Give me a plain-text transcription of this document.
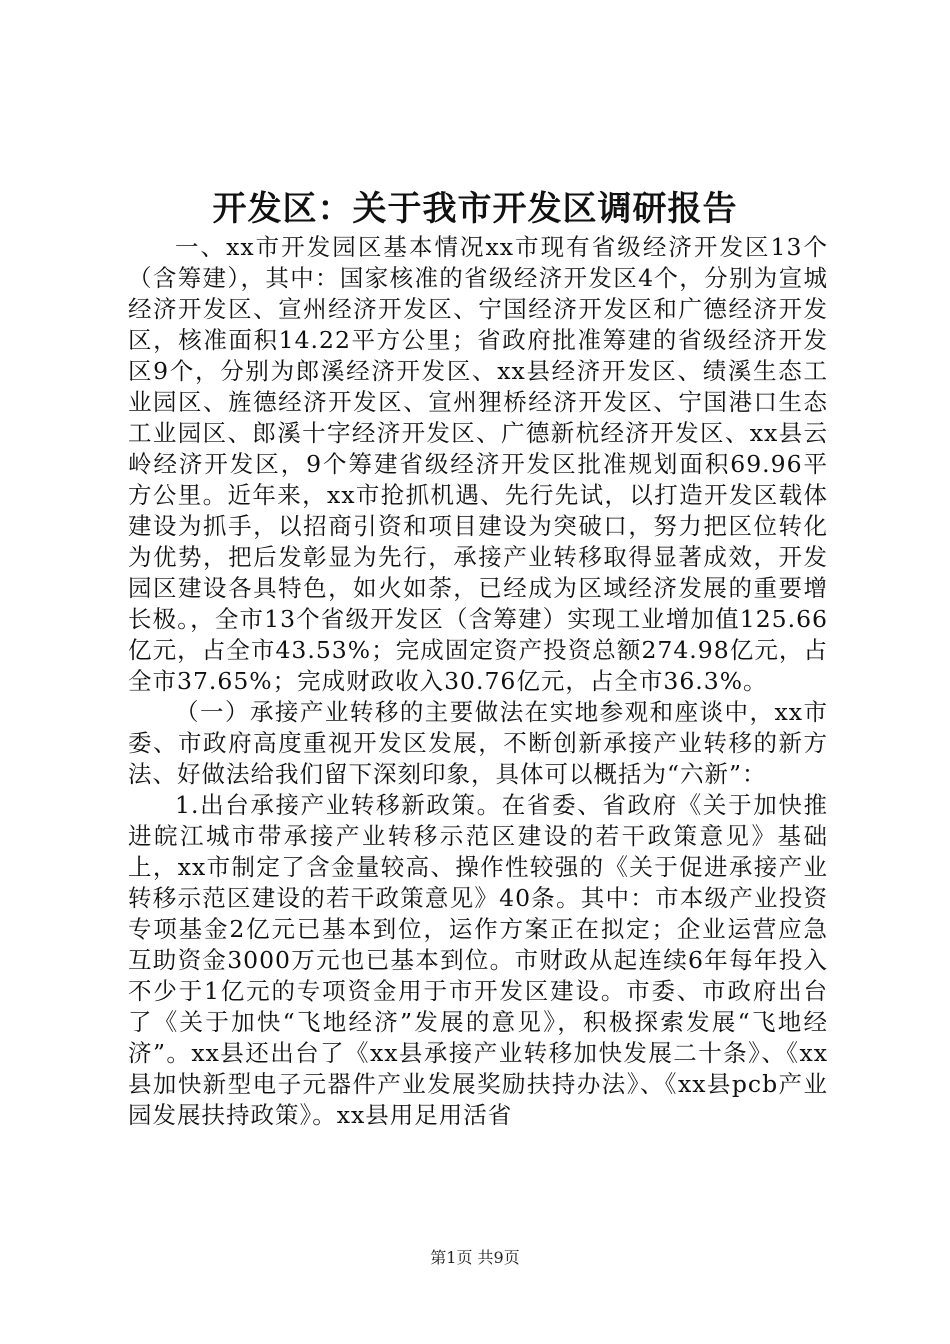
开发区：关于我市开发区调研报告

一、xx市开发园区基本情况xx市现有省级经济开发区13个（含筹建），其中：国家核准的省级经济开发区4个，分别为宣城经济开发区、宣州经济开发区、宁国经济开发区和广德经济开发区，核准面积14.22平方公里；省政府批准筹建的省级经济开发区9个，分别为郎溪经济开发区、xx县经济开发区、绩溪生态工业园区、旌德经济开发区、宣州狸桥经济开发区、宁国港口生态工业园区、郎溪十字经济开发区、广德新杭经济开发区、xx县云岭经济开发区，9个筹建省级经济开发区批准规划面积69.96平方公里。近年来，xx市抢抓机遇、先行先试，以打造开发区载体建设为抓手，以招商引资和项目建设为突破口，努力把区位转化为优势，把后发彰显为先行，承接产业转移取得显著成效，开发园区建设各具特色，如火如荼，已经成为区域经济发展的重要增长极。，全市13个省级开发区（含筹建）实现工业增加值125.66亿元，占全市43.53%；完成固定资产投资总额274.98亿元，占全市37.65%；完成财政收入30.76亿元，占全市36.3%。

（一）承接产业转移的主要做法在实地参观和座谈中，xx市委、市政府高度重视开发区发展，不断创新承接产业转移的新方法、好做法给我们留下深刻印象，具体可以概括为“六新”：

1.出台承接产业转移新政策。在省委、省政府《关于加快推进皖江城市带承接产业转移示范区建设的若干政策意见》基础上，xx市制定了含金量较高、操作性较强的《关于促进承接产业转移示范区建设的若干政策意见》40条。其中：市本级产业投资专项基金2亿元已基本到位，运作方案正在拟定；企业运营应急互助资金3000万元也已基本到位。市财政从起连续6年每年投入不少于1亿元的专项资金用于市开发区建设。市委、市政府出台了《关于加快“飞地经济”发展的意见》，积极探索发展“飞地经济”。xx县还出台了《xx县承接产业转移加快发展二十条》、《xx县加快新型电子元器件产业发展奖励扶持办法》、《xx县pcb产业园发展扶持政策》。xx县用足用活省

第1页 共9页
